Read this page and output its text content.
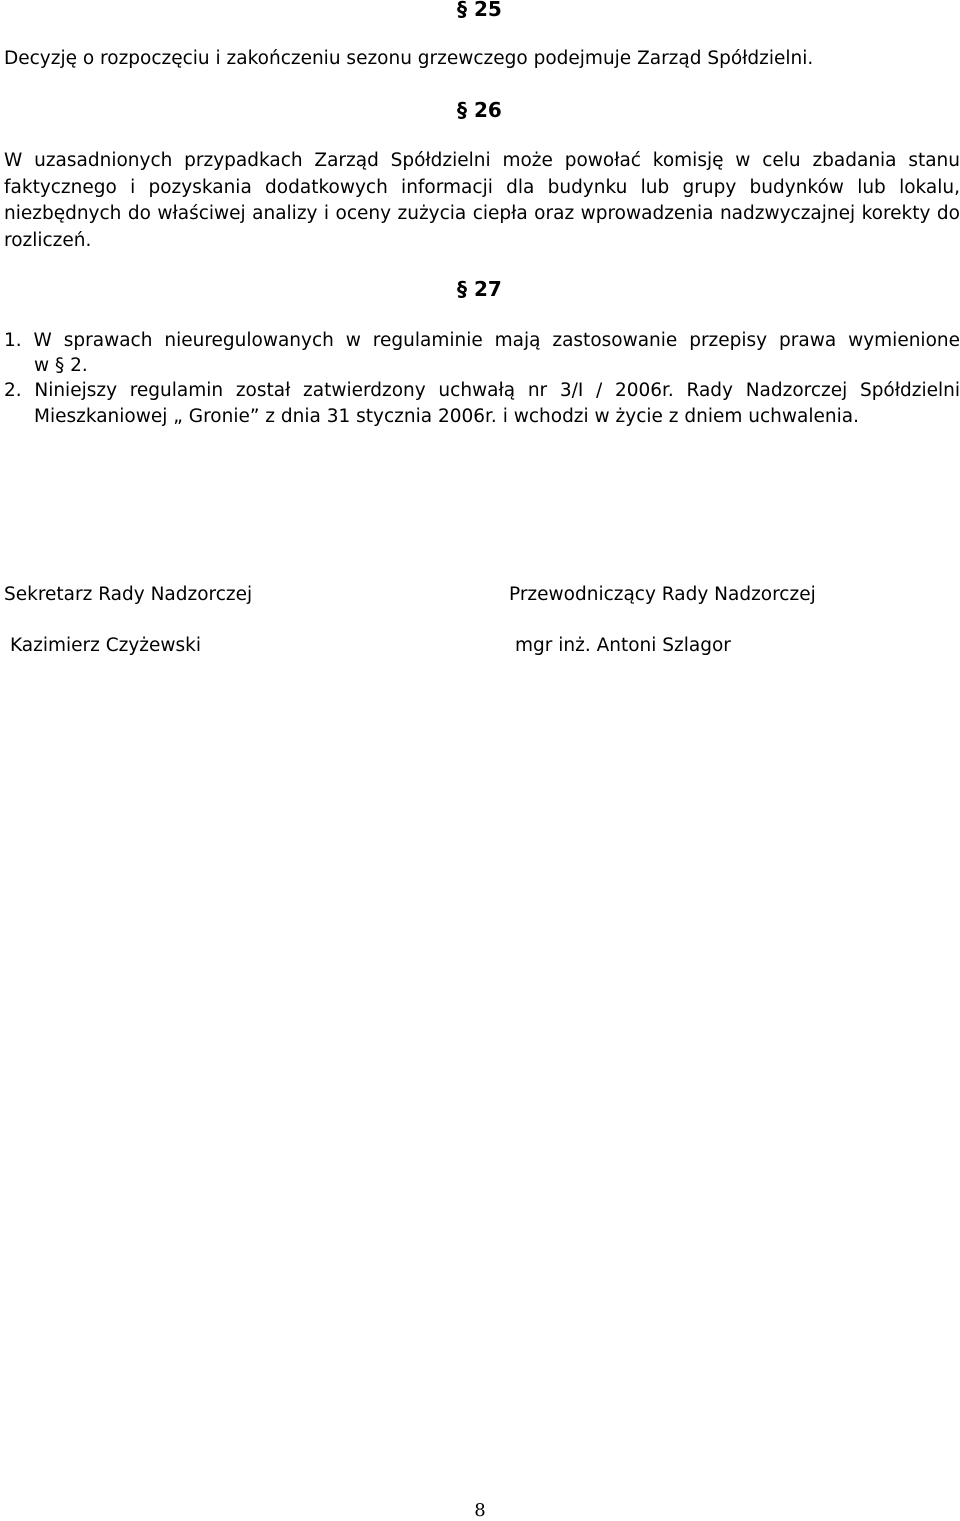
§ 25
Decyzję o rozpoczęciu i zakończeniu sezonu grzewczego podejmuje Zarząd Spółdzielni.
§ 26
W uzasadnionych przypadkach Zarząd Spółdzielni może powołać komisję w celu zbadania stanu
faktycznego i pozyskania dodatkowych informacji dla budynku lub grupy budynków lub lokalu,
niezbędnych do właściwej analizy i oceny zużycia ciepła oraz wprowadzenia nadzwyczajnej korekty do
rozliczeń.
§ 27
1. W sprawach nieuregulowanych w regulaminie mają zastosowanie przepisy prawa wymienione
w § 2.
2. Niniejszy regulamin został zatwierdzony uchwałą nr 3/I / 2006r. Rady Nadzorczej Spółdzielni
Mieszkaniowej „ Gronie” z dnia 31 stycznia 2006r. i wchodzi w życie z dniem uchwalenia.
Sekretarz Rady Nadzorczej
Kazimierz Czyżewski
Przewodniczący Rady Nadzorczej
mgr inż. Antoni Szlagor
8
